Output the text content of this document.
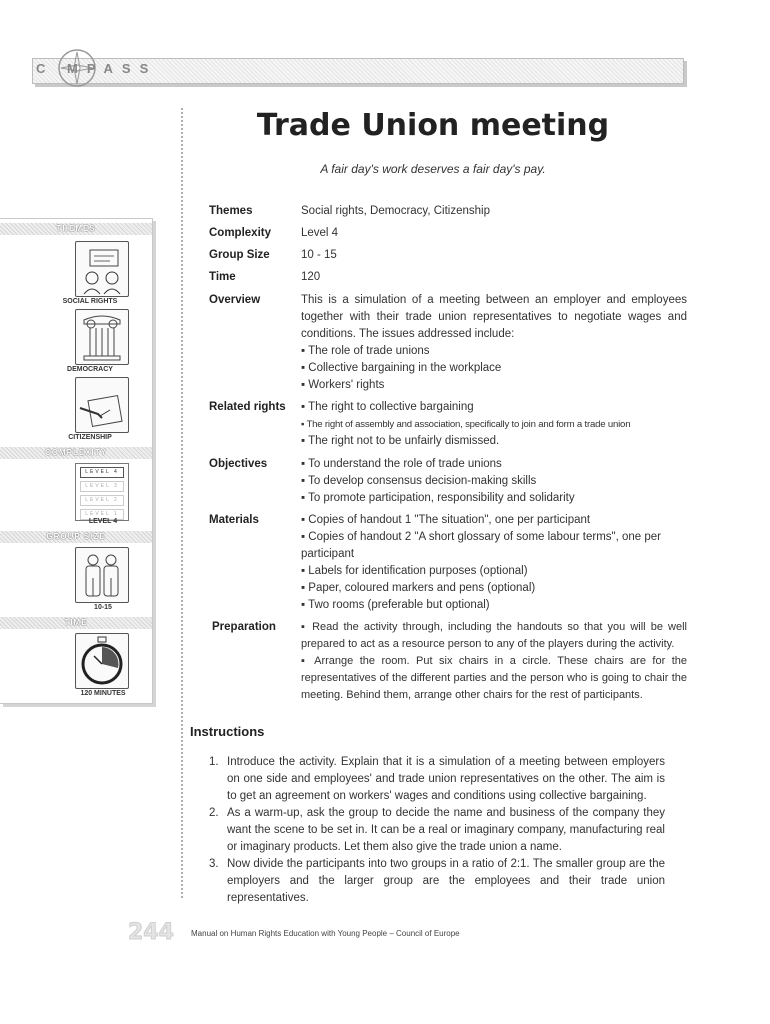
C MPASS
Trade Union meeting
A fair day's work deserves a fair day's pay.
Themes	Social rights, Democracy, Citizenship
Complexity	Level 4
Group Size	10 - 15
Time	120
Overview	This is a simulation of a meeting between an employer and employees together with their trade union representatives to negotiate wages and conditions. The issues addressed include:

▪ The role of trade unions

▪ Collective bargaining in the workplace

▪ Workers' rights

Related rights	▪ The right to collective bargaining

▪ The right of assembly and association, specifically to join and form a trade union

▪ The right not to be unfairly dismissed.

Objectives	▪ To understand the role of trade unions

▪ To develop consensus decision-making skills

▪ To promote participation, responsibility and solidarity

Materials	▪ Copies of handout 1 "The situation", one per participant

▪ Copies of handout 2 "A short glossary of some labour terms", one per participant

▪ Labels for identification purposes (optional)

▪ Paper, coloured markers and pens (optional)

▪ Two rooms (preferable but optional)

Preparation	▪ Read the activity through, including the handouts so that you will be well prepared to act as a resource person to any of the players during the activity.

▪ Arrange the room. Put six chairs in a circle. These chairs are for the representatives of the different parties and the person who is going to chair the meeting. Behind them, arrange other chairs for the rest of participants.

Instructions
1. Introduce the activity. Explain that it is a simulation of a meeting between employers on one side and employees' and trade union representatives on the other. The aim is to get an agreement on workers' wages and conditions using collective bargaining.
2. As a warm-up, ask the group to decide the name and business of the company they want the scene to be set in. It can be a real or imaginary company, manufacturing real or imaginary products. Let them also give the trade union a name.
3. Now divide the participants into two groups in a ratio of 2:1. The smaller group are the employers and the larger group are the employees and their trade union representatives.
244 Manual on Human Rights Education with Young People – Council of Europe
THEMES
SOCIAL RIGHTS
DEMOCRACY
CITIZENSHIP
COMPLEXITY
LEVEL 4
LEVEL 3
LEVEL 2
LEVEL 1
LEVEL 4
GROUP SIZE
10-15
TIME
120 MINUTES
